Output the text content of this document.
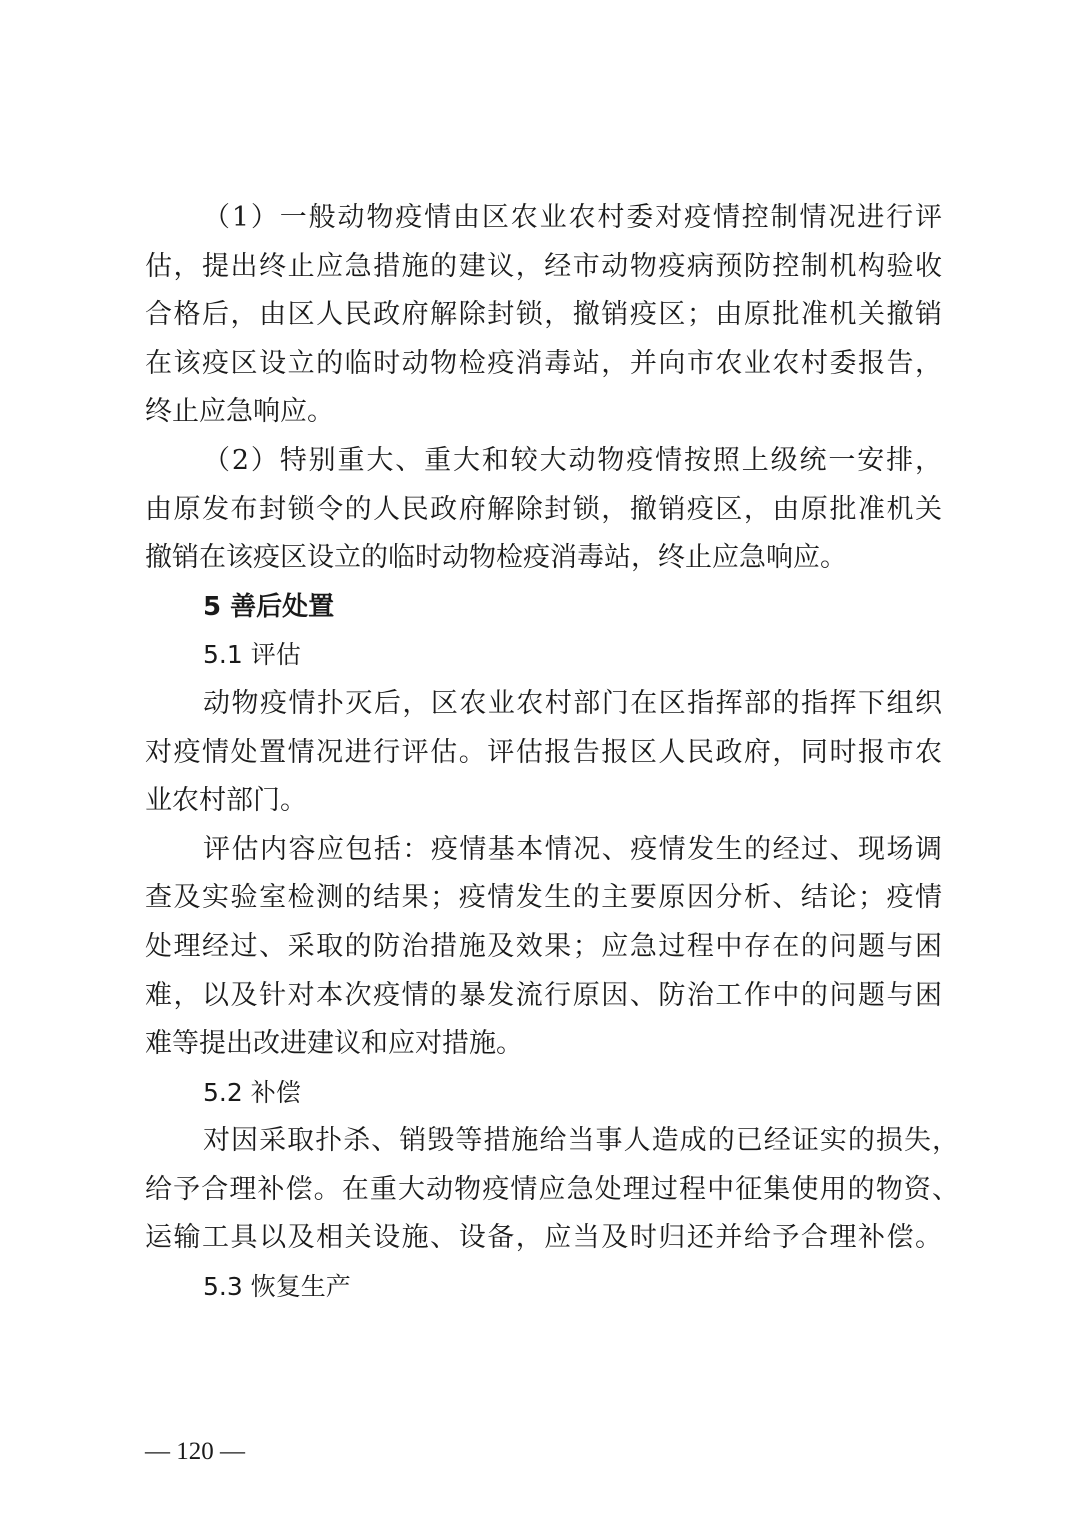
（1）一般动物疫情由区农业农村委对疫情控制情况进行评
估，提出终止应急措施的建议，经市动物疫病预防控制机构验收
合格后，由区人民政府解除封锁，撤销疫区；由原批准机关撤销
在该疫区设立的临时动物检疫消毒站，并向市农业农村委报告，
终止应急响应。
（2）特别重大、重大和较大动物疫情按照上级统一安排，
由原发布封锁令的人民政府解除封锁，撤销疫区，由原批准机关
撤销在该疫区设立的临时动物检疫消毒站，终止应急响应。
5 善后处置
5.1 评估
动物疫情扑灭后，区农业农村部门在区指挥部的指挥下组织
对疫情处置情况进行评估。评估报告报区人民政府，同时报市农
业农村部门。
评估内容应包括：疫情基本情况、疫情发生的经过、现场调
查及实验室检测的结果；疫情发生的主要原因分析、结论；疫情
处理经过、采取的防治措施及效果；应急过程中存在的问题与困
难，以及针对本次疫情的暴发流行原因、防治工作中的问题与困
难等提出改进建议和应对措施。
5.2 补偿
对因采取扑杀、销毁等措施给当事人造成的已经证实的损失，
给予合理补偿。在重大动物疫情应急处理过程中征集使用的物资、
运输工具以及相关设施、设备，应当及时归还并给予合理补偿。
5.3 恢复生产
— 120 —
